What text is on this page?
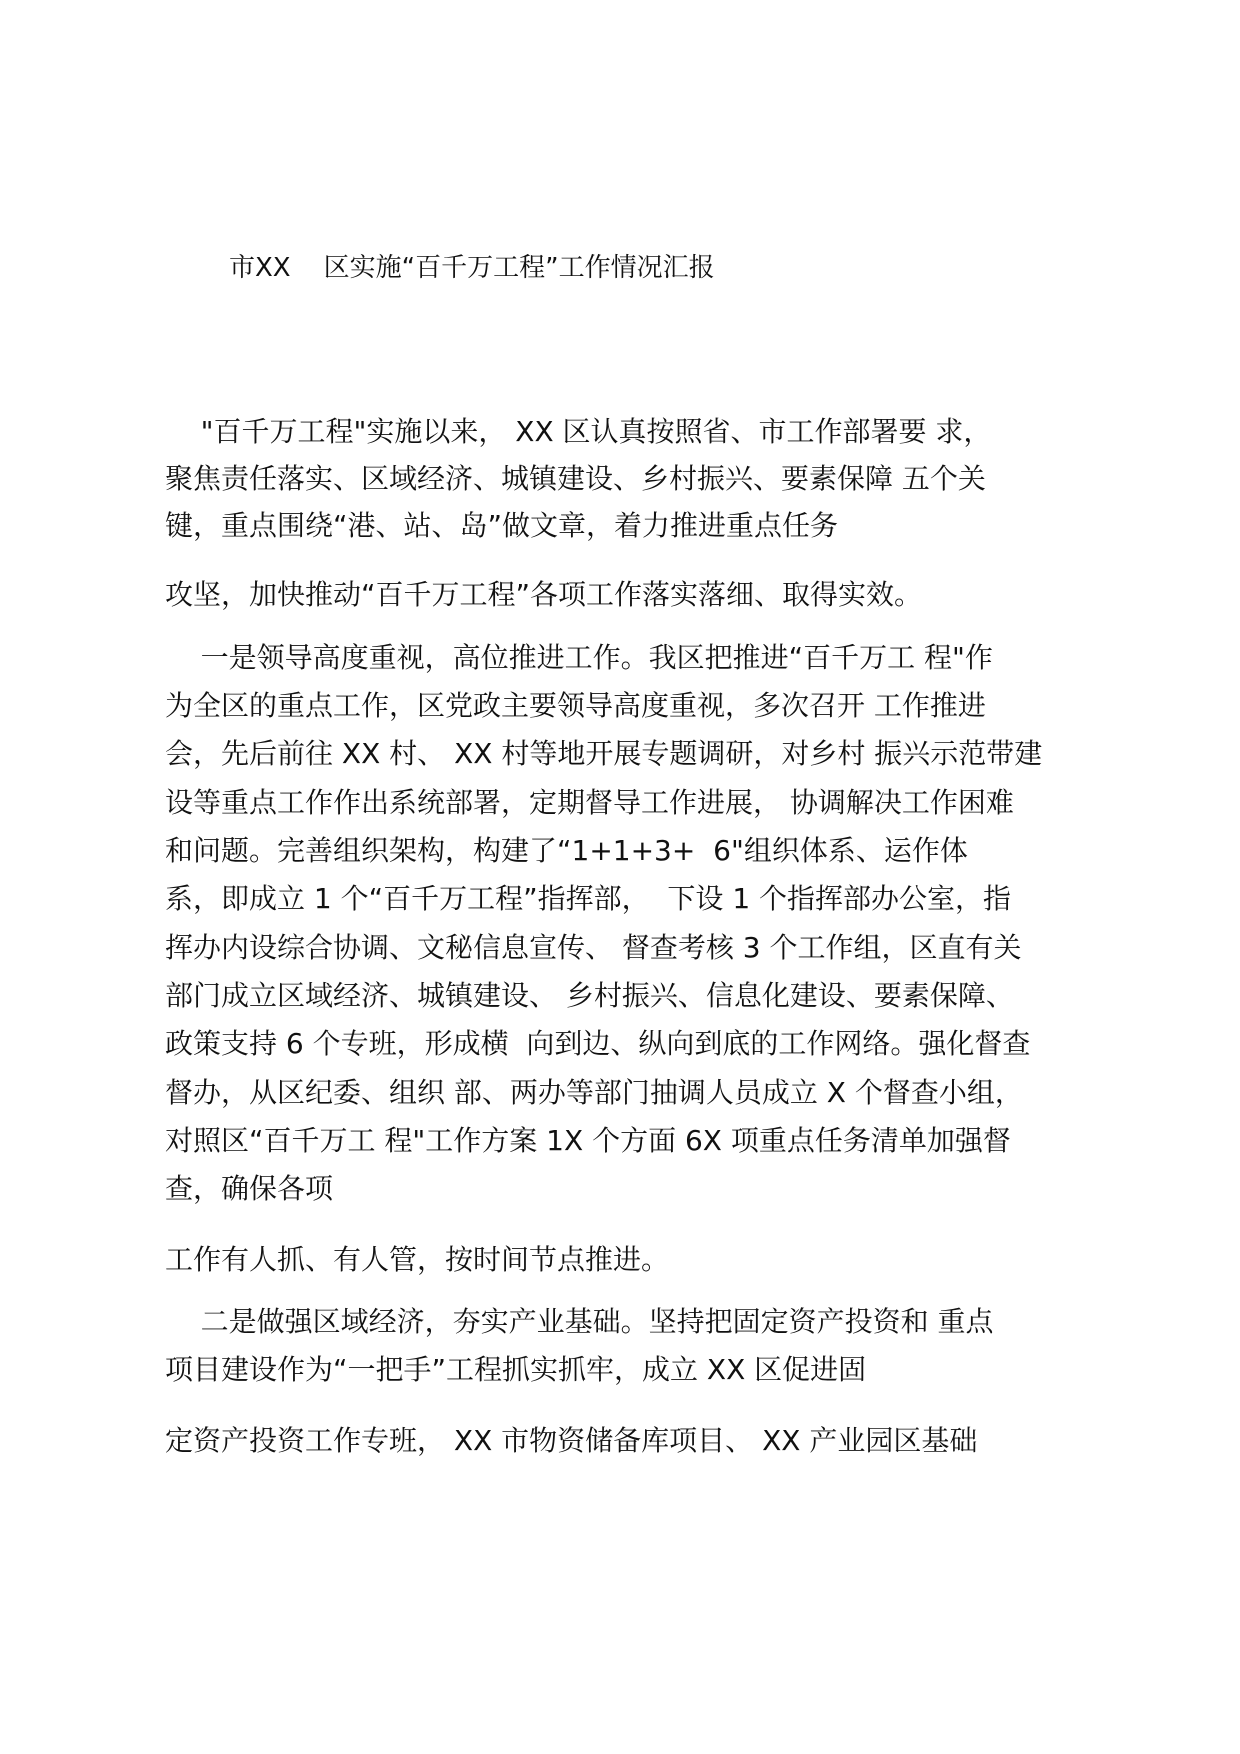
市XX    区实施“百千万工程”工作情况汇报
"百千万工程"实施以来， XX 区认真按照省、市工作部署要 求，
聚焦责任落实、区域经济、城镇建设、乡村振兴、要素保障 五个关
键，重点围绕“港、站、岛”做文章，着力推进重点任务
攻坚，加快推动“百千万工程”各项工作落实落细、取得实效。
一是领导高度重视，高位推进工作。我区把推进“百千万工 程"作
为全区的重点工作，区党政主要领导高度重视，多次召开 工作推进
会，先后前往 XX 村、 XX 村等地开展专题调研，对乡村 振兴示范带建
设等重点工作作出系统部署，定期督导工作进展， 协调解决工作困难
和问题。完善组织架构，构建了“1+1+3+  6"组织体系、运作体
系，即成立 1 个“百千万工程”指挥部，  下设 1 个指挥部办公室，指
挥办内设综合协调、文秘信息宣传、 督查考核 3 个工作组，区直有关
部门成立区域经济、城镇建设、 乡村振兴、信息化建设、要素保障、
政策支持 6 个专班，形成横  向到边、纵向到底的工作网络。强化督查
督办，从区纪委、组织 部、两办等部门抽调人员成立 X 个督查小组，
对照区“百千万工 程"工作方案 1X 个方面 6X 项重点任务清单加强督
查，确保各项
工作有人抓、有人管，按时间节点推进。
二是做强区域经济，夯实产业基础。坚持把固定资产投资和 重点
项目建设作为“一把手”工程抓实抓牢，成立 XX 区促进固
定资产投资工作专班， XX 市物资储备库项目、 XX 产业园区基础
